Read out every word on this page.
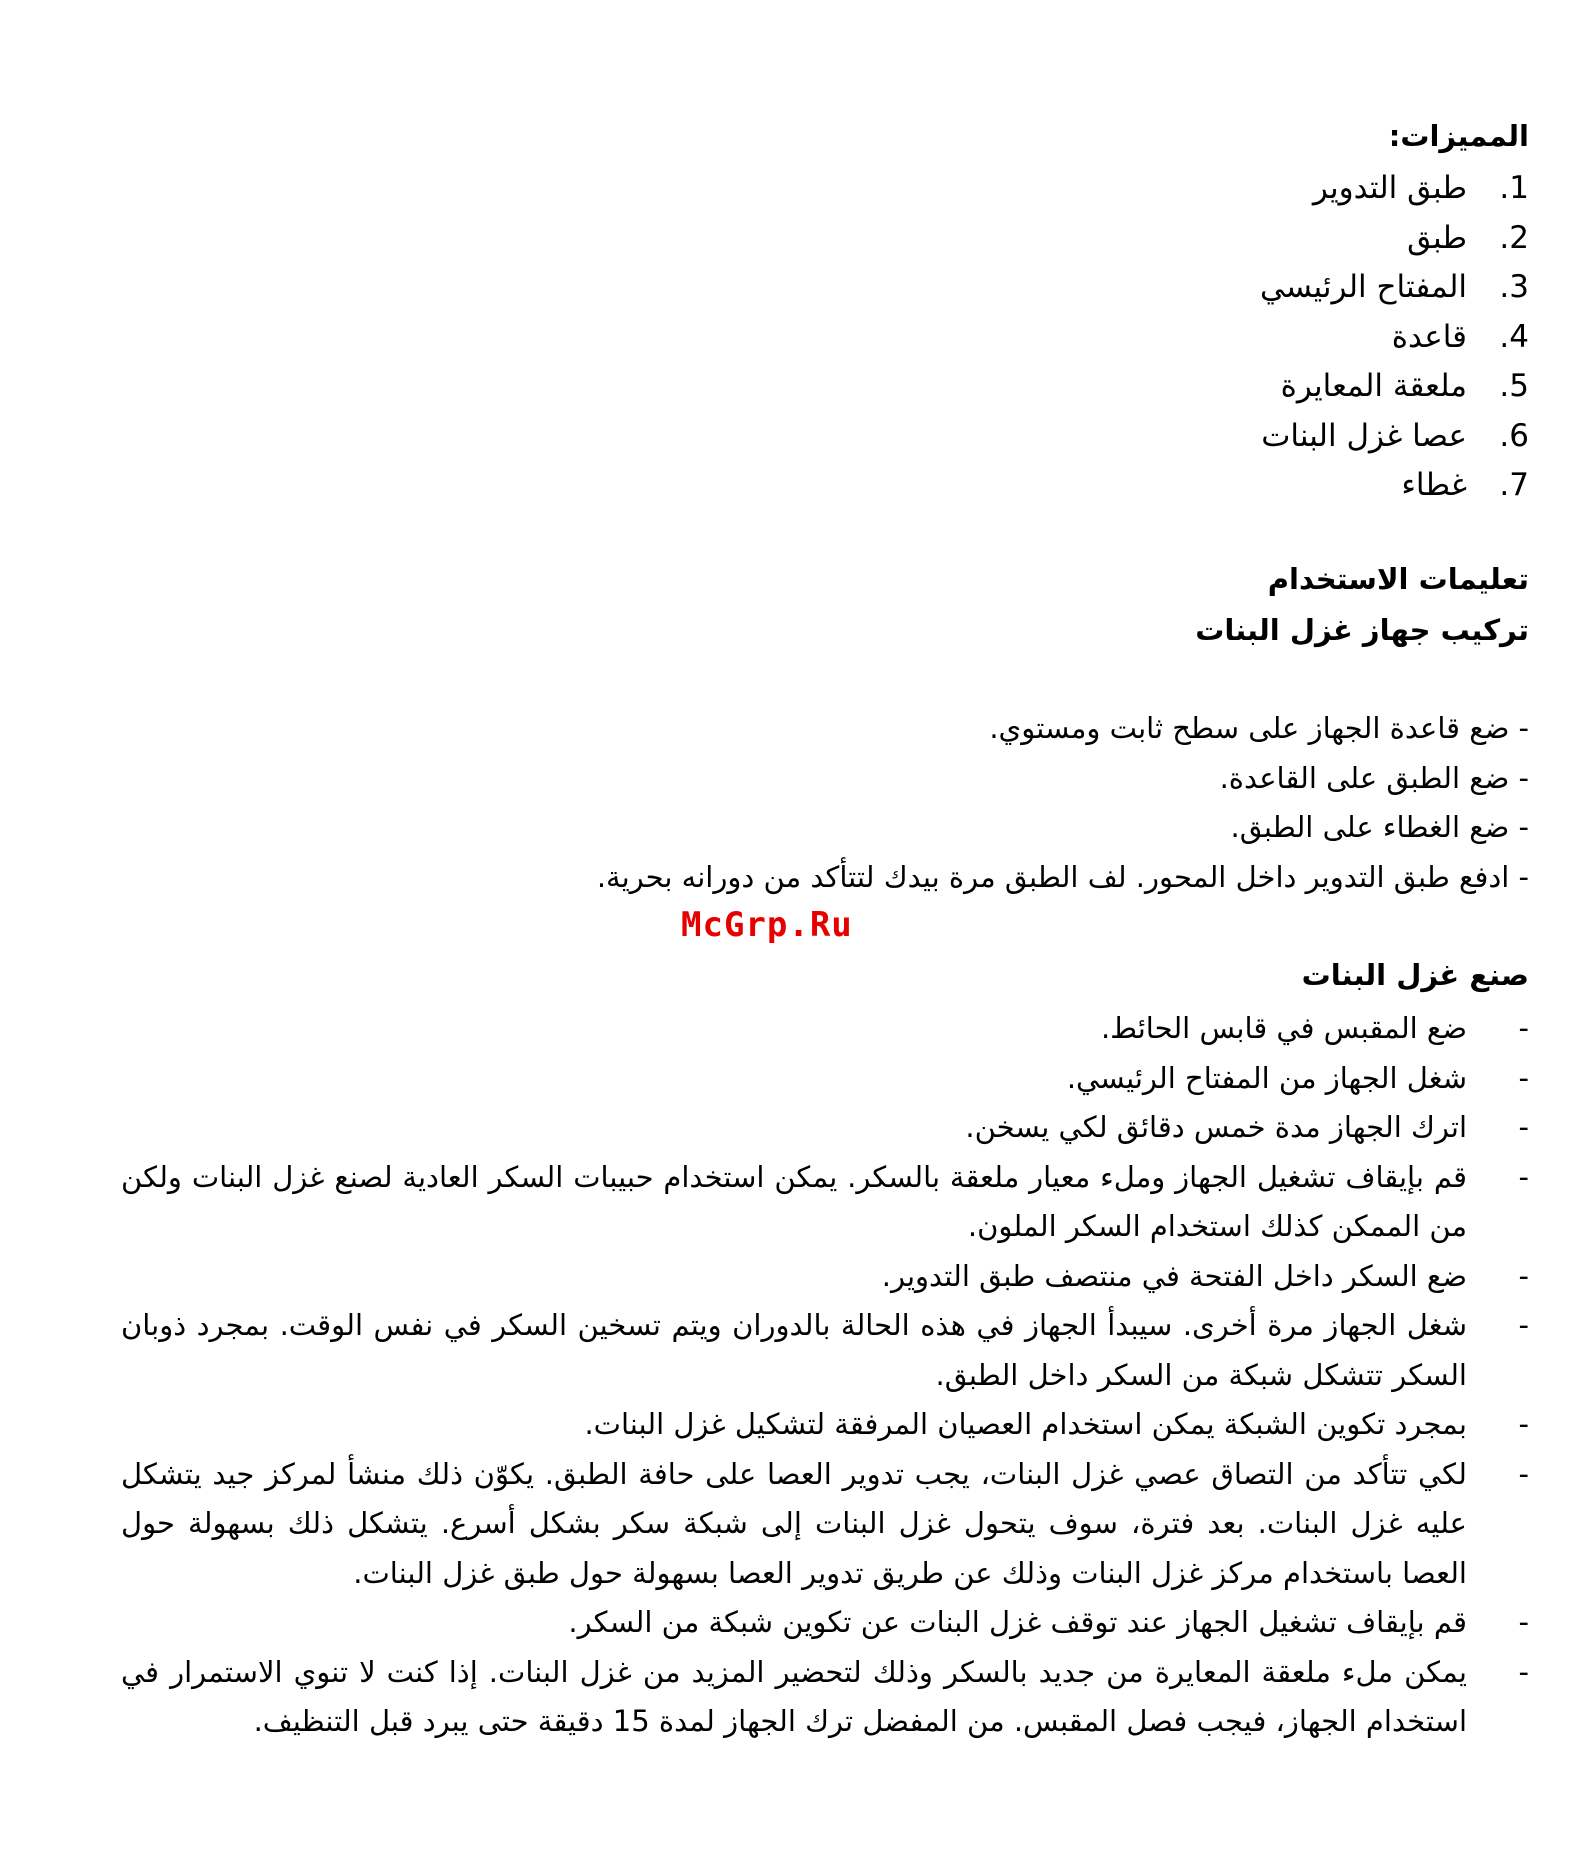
المميزات:
1.طبق التدوير
2.طبق
3.المفتاح الرئيسي
4.قاعدة
5.ملعقة المعايرة
6.عصا غزل البنات
7.غطاء
تعليمات الاستخدام
تركيب جهاز غزل البنات
- ضع قاعدة الجهاز على سطح ثابت ومستوي.
- ضع الطبق على القاعدة.
- ضع الغطاء على الطبق.
- ادفع طبق التدوير داخل المحور. لف الطبق مرة بيدك لتتأكد من دورانه بحرية.
McGrp.Ru
صنع غزل البنات
-
ضع المقبس في قابس الحائط.
-
شغل الجهاز من المفتاح الرئيسي.
-
اترك الجهاز مدة خمس دقائق لكي يسخن.
-
قم بإيقاف تشغيل الجهاز وملء معيار ملعقة بالسكر. يمكن استخدام حبيبات السكر العادية لصنع غزل البنات ولكن من الممكن كذلك استخدام السكر الملون.
-
ضع السكر داخل الفتحة في منتصف طبق التدوير.
-
شغل الجهاز مرة أخرى. سيبدأ الجهاز في هذه الحالة بالدوران ويتم تسخين السكر في نفس الوقت. بمجرد ذوبان السكر تتشكل شبكة من السكر داخل الطبق.
-
بمجرد تكوين الشبكة يمكن استخدام العصيان المرفقة لتشكيل غزل البنات.
-
لكي تتأكد من التصاق عصي غزل البنات، يجب تدوير العصا على حافة الطبق. يكوّن ذلك منشأ لمركز جيد يتشكل عليه غزل البنات. بعد فترة، سوف يتحول غزل البنات إلى شبكة سكر بشكل أسرع. يتشكل ذلك بسهولة حول العصا باستخدام مركز غزل البنات وذلك عن طريق تدوير العصا بسهولة حول طبق غزل البنات.
-
قم بإيقاف تشغيل الجهاز عند توقف غزل البنات عن تكوين شبكة من السكر.
-
يمكن ملء ملعقة المعايرة من جديد بالسكر وذلك لتحضير المزيد من غزل البنات. إذا كنت لا تنوي الاستمرار في استخدام الجهاز، فيجب فصل المقبس. من المفضل ترك الجهاز لمدة 15 دقيقة حتى يبرد قبل التنظيف.
